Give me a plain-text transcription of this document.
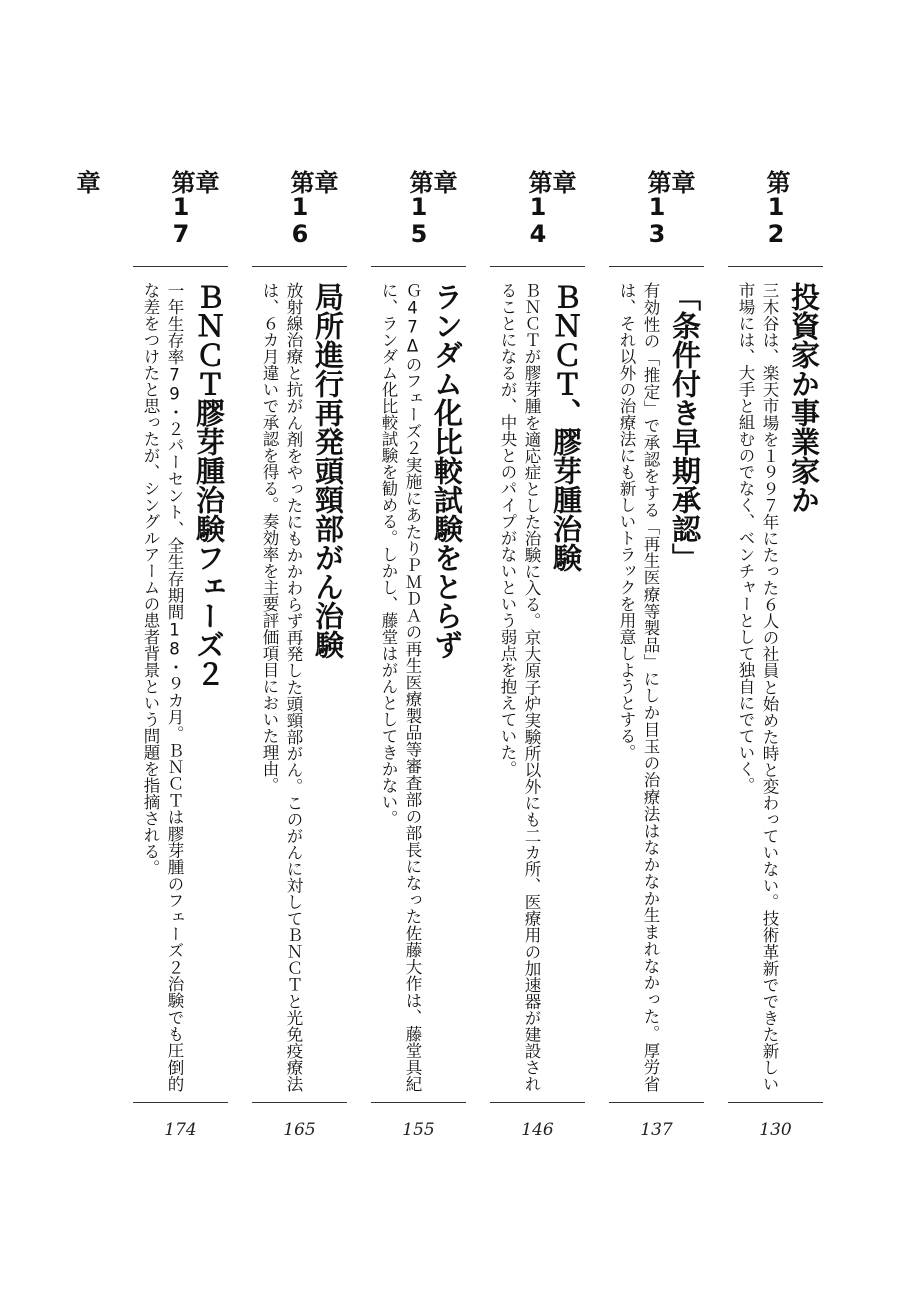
第12章
投資家か事業家か
三木谷は、楽天市場を１９９７年にたった６人の社員と始めた時と変わっていない。技術革新でできた新しい市場には、大手と組むのでなく、ベンチャーとして独自にでていく。
130
第13章
「条件付き早期承認」
有効性の「推定」で承認をする「再生医療等製品」にしか目玉の治療法はなかなか生まれなかった。厚労省は、それ以外の治療法にも新しいトラックを用意しようとする。
137
第14章
ＢＮＣＴ、膠芽腫治験
ＢＮＣＴが膠芽腫を適応症とした治験に入る。京大原子炉実験所以外にも二カ所、医療用の加速器が建設されることになるが、中央とのパイプがないという弱点を抱えていた。
146
第15章
ランダム化比較試験をとらず
Ｇ47Δのフェーズ２実施にあたりＰＭＤＡの再生医療製品等審査部の部長になった佐藤大作は、藤堂具紀に、ランダム化比較試験を勧める。しかし、藤堂はがんとしてきかない。
155
第16章
局所進行再発頭頸部がん治験
放射線治療と抗がん剤をやったにもかかわらず再発した頭頸部がん。このがんに対してＢＮＣＴと光免疫療法は、６カ月違いで承認を得る。奏効率を主要評価項目においた理由。
165
第17章
ＢＮＣＴ膠芽腫治験フェーズ２
一年生存率79・２パーセント、全生存期間18・９カ月。ＢＮＣＴは膠芽腫のフェーズ２治験でも圧倒的な差をつけたと思ったが、シングルアームの患者背景という問題を指摘される。
174
